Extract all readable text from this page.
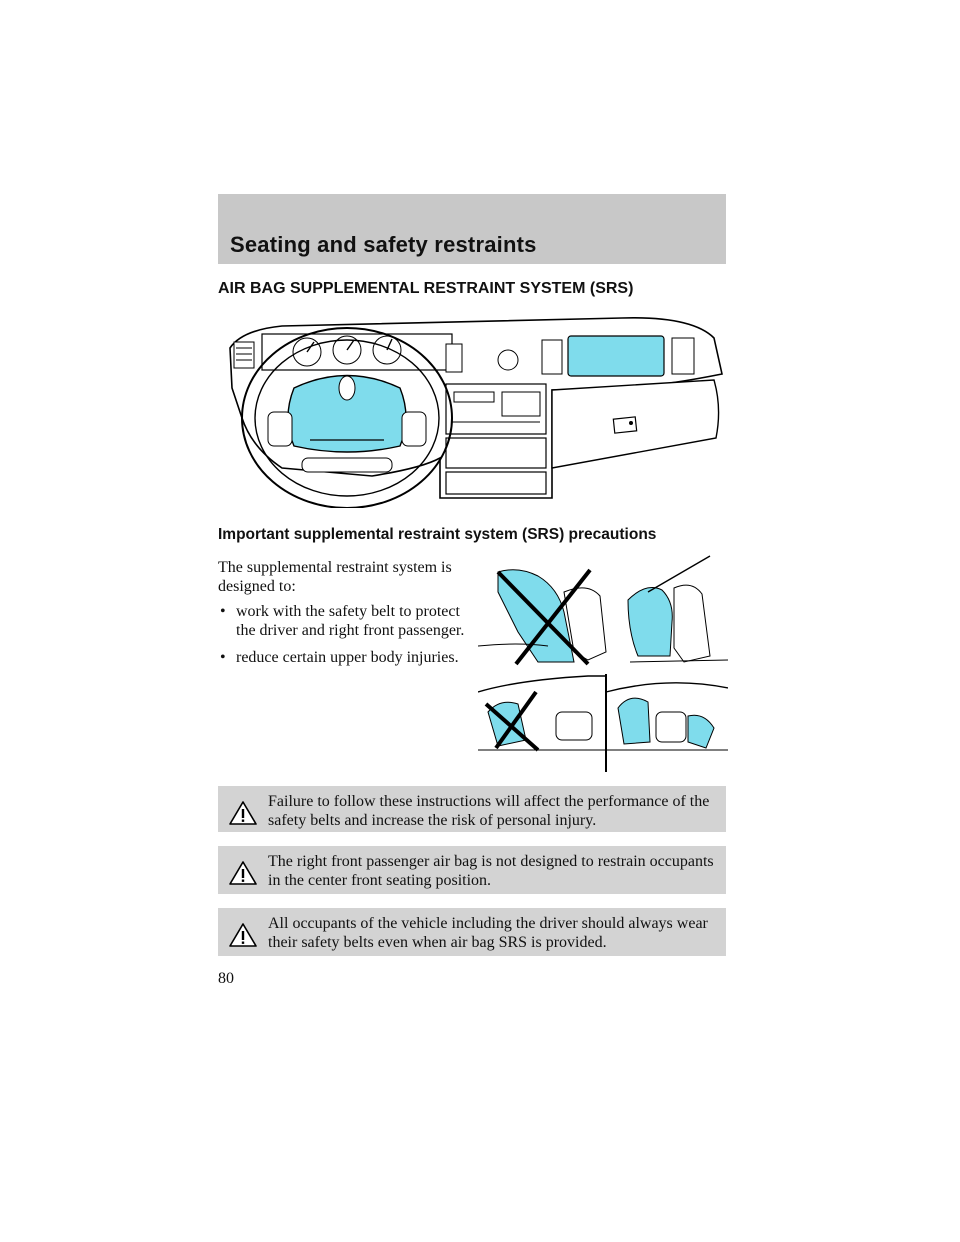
Seating and safety restraints
AIR BAG SUPPLEMENTAL RESTRAINT SYSTEM (SRS)
Important supplemental restraint system (SRS) precautions

The supplemental restraint system is designed to:

• work with the safety belt to protect the driver and right front passenger.
• reduce certain upper body injuries.
Failure to follow these instructions will affect the performance of the safety belts and increase the risk of personal injury.
The right front passenger air bag is not designed to restrain occupants in the center front seating position.
All occupants of the vehicle including the driver should always wear their safety belts even when air bag SRS is provided.
80
